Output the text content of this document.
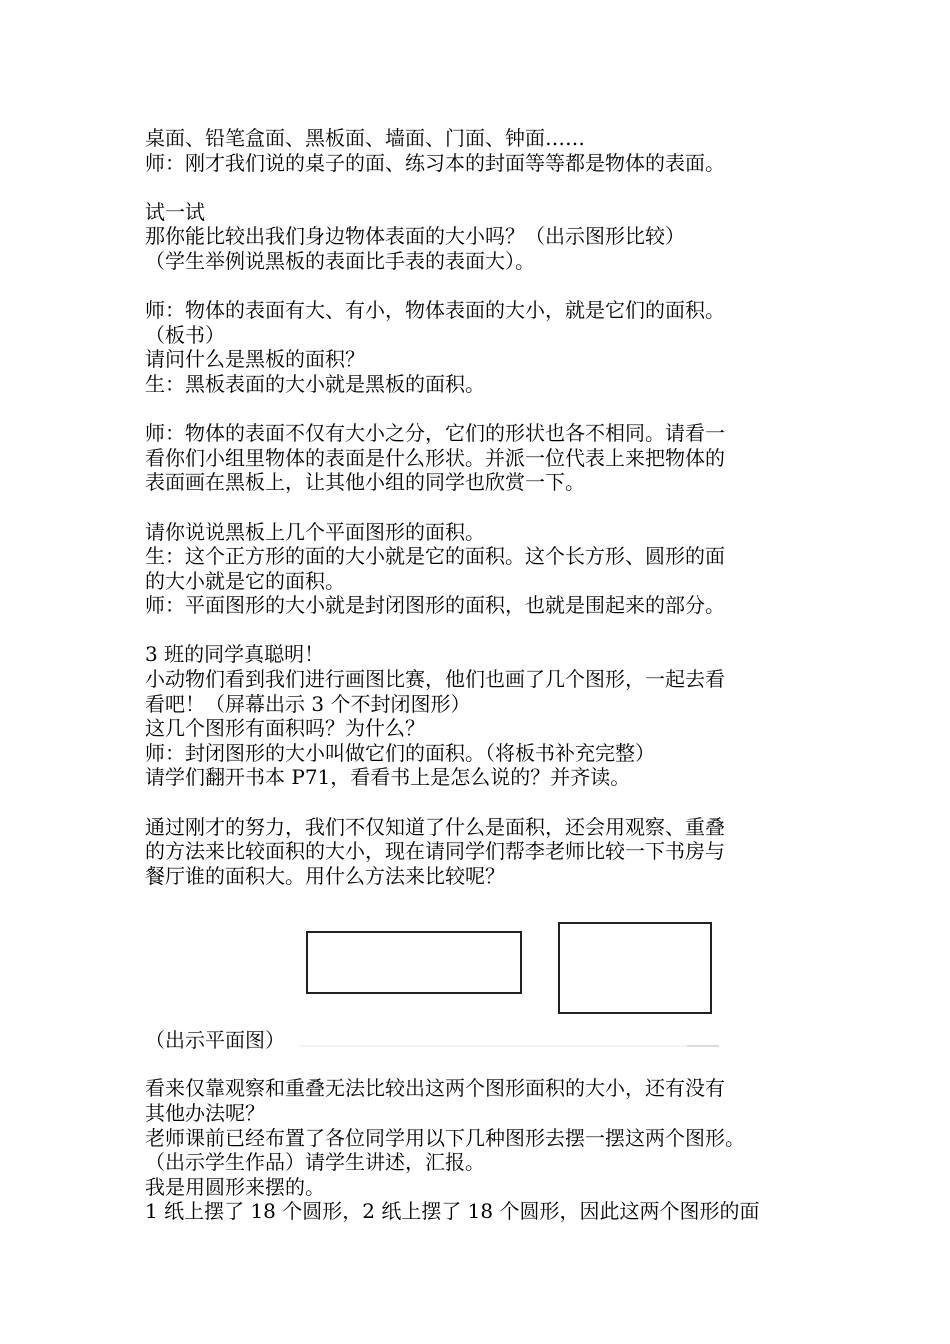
桌面、铅笔盒面、黑板面、墙面、门面、钟面……
师：刚才我们说的桌子的面、练习本的封面等等都是物体的表面。
试一试
那你能比较出我们身边物体表面的大小吗？（出示图形比较）
（学生举例说黑板的表面比手表的表面大）。
师：物体的表面有大、有小，物体表面的大小，就是它们的面积。
（板书）
请问什么是黑板的面积？
生：黑板表面的大小就是黑板的面积。
师：物体的表面不仅有大小之分，它们的形状也各不相同。请看一
看你们小组里物体的表面是什么形状。并派一位代表上来把物体的
表面画在黑板上，让其他小组的同学也欣赏一下。
请你说说黑板上几个平面图形的面积。
生：这个正方形的面的大小就是它的面积。这个长方形、圆形的面
的大小就是它的面积。
师：平面图形的大小就是封闭图形的面积，也就是围起来的部分。
3 班的同学真聪明！
小动物们看到我们进行画图比赛，他们也画了几个图形，一起去看
看吧！（屏幕出示 3 个不封闭图形）
这几个图形有面积吗？为什么？
师：封闭图形的大小叫做它们的面积。（将板书补充完整）
请学们翻开书本 P71，看看书上是怎么说的？并齐读。
通过刚才的努力，我们不仅知道了什么是面积，还会用观察、重叠
的方法来比较面积的大小，现在请同学们帮李老师比较一下书房与
餐厅谁的面积大。用什么方法来比较呢？
（出示平面图）
看来仅靠观察和重叠无法比较出这两个图形面积的大小，还有没有
其他办法呢？
老师课前已经布置了各位同学用以下几种图形去摆一摆这两个图形。
（出示学生作品）请学生讲述，汇报。
我是用圆形来摆的。
1 纸上摆了 18 个圆形，2 纸上摆了 18 个圆形，因此这两个图形的面
